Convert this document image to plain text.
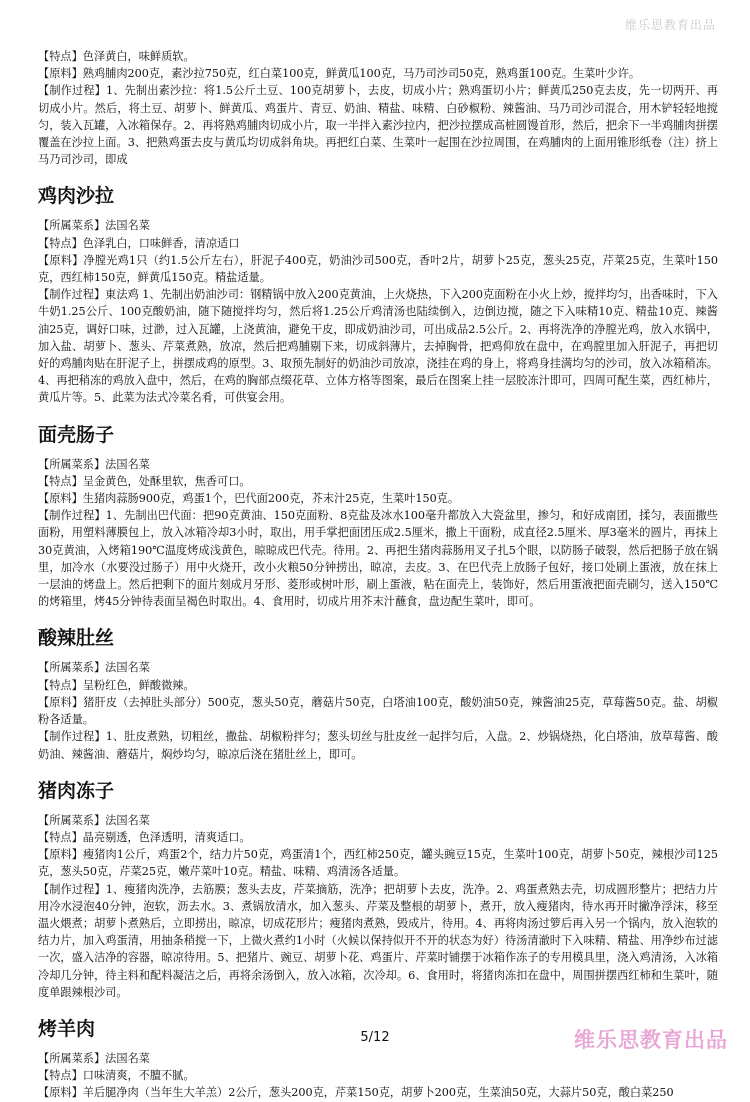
维乐思教育出品

【特点】色泽黄白，味鲜质软。

【原料】熟鸡脯肉200克，素沙拉750克，红白菜100克，鲜黄瓜100克，马乃司沙司50克，熟鸡蛋100克。生菜叶少许。

【制作过程】1、先制出素沙拉：将1.5公斤土豆、100克胡萝卜，去皮，切成小片；熟鸡蛋切小片；鲜黄瓜250克去皮，先一切两开、再切成小片。然后，将土豆、胡萝卜、鲜黄瓜、鸡蛋片、青豆、奶油、精盐、味精、白砂椒粉、辣酱油、马乃司沙司混合，用木铲轻轻地搅匀，装入瓦罐，入冰箱保存。2、再将熟鸡脯肉切成小片，取一半拌入素沙拉内，把沙拉摆成高桩圆馒首形，然后，把余下一半鸡脯肉拼摆覆盖在沙拉上面。3、把熟鸡蛋去皮与黄瓜均切成斜角块。再把红白菜、生菜叶一起围在沙拉周围，在鸡脯肉的上面用锥形纸卷（注）挤上马乃司沙司，即成

鸡肉沙拉

【所属菜系】法国名菜

【特点】色泽乳白，口味鲜香，清凉适口

【原料】净膛光鸡1只（约1.5公斤左右），肝泥子400克，奶油沙司500克，香叶2片，胡萝卜25克，葱头25克，芹菜25克，生菜叶150克，西红柿150克，鲜黄瓜150克。精盐适量。

【制作过程】東法鸡 1、先制出奶油沙司：钢精锅中放入200克黄油，上火烧热，下入200克面粉在小火上炒，搅拌均匀，出香味时，下入牛奶1.25公斤、100克酸奶油，随下随搅拌均匀，然后将1.25公斤鸡清汤也陆续倒入，边倒边搅，随之下入味精10克、精盐10克、辣酱油25克，调好口味，过渺，过入瓦罐，上浇黄油，避免干皮，即成奶油沙司，可出成品2.5公斤。2、再将洗净的净膛光鸡，放入水锅中，加入盐、胡萝卜、葱头、芹菜煮熟，放凉，然后把鸡脯剔下来，切成斜薄片，去掉胸骨，把鸡仰放在盘中，在鸡膛里加入肝泥子，再把切好的鸡脯肉贴在肝泥子上，拼摆成鸡的原型。3、取预先制好的奶油沙司放凉，浇挂在鸡的身上，将鸡身挂满均匀的沙司，放入冰箱稍冻。4、再把稍冻的鸡放入盘中，然后，在鸡的胸部点缀花草、立体方格等图案，最后在图案上挂一层胶冻汁即可，四周可配生菜，西红柿片，黄瓜片等。5、此菜为法式冷菜名肴，可供宴会用。

面壳肠子

【所属菜系】法国名菜

【特点】呈金黄色，处酥里软，焦香可口。

【原料】生猪肉蒜肠900克，鸡蛋1个，巴代面200克，芥末汁25克，生菜叶150克。

【制作过程】1、先制出巴代面：把90克黄油、150克面粉、8克盐及冰水100毫升都放入大瓷盆里，掺匀，和好成南团，揉匀，表面撒些面粉，用塑料薄膜包上，放入冰箱冷却3小时，取出，用手掌把面团压成2.5厘米，撒上干面粉，成直径2.5厘米、厚3毫米的圆片，再抹上30克黄油，入烤箱190℃温度烤成浅黄色，晾晾成巴代壳。待用。2、再把生猪肉蒜肠用叉子扎5个眼，以防肠子破裂，然后把肠子放在锅里，加冷水（水要没过肠子）用中火烧开，改小火粮50分钟捞出，晾凉，去皮。3、在巴代壳上放肠子包好，接口处刷上蛋液，放在抹上一层油的烤盘上。然后把剩下的面片刻成月牙形、菱形或树叶形，刷上蛋液，粘在面壳上，装饰好，然后用蛋液把面壳刷匀，送入150℃的烤箱里，烤45分钟待表面呈褐色时取出。4、食用时，切成片用芥末汁蘸食，盘边配生菜叶，即可。

酸辣肚丝

【所属菜系】法国名菜

【特点】呈粉红色，鲜酸微辣。

【原料】猪肝皮（去掉肚头部分）500克，葱头50克，蘑菇片50克，白塔油100克，酸奶油50克，辣酱油25克，草莓酱50克。盐、胡椒粉各适量。

【制作过程】1、肚皮煮熟，切粗丝，撒盐、胡椒粉拌匀；葱头切丝与肚皮丝一起拌匀后，入盘。2、炒锅烧热，化白塔油，放草莓酱、酸奶油、辣酱油、蘑菇片，焖炒均匀，晾凉后浇在猪肚丝上，即可。

猪肉冻子

【所属菜系】法国名菜

【特点】晶亮剔透，色泽透明，清爽适口。

【原料】瘦猪肉1公斤，鸡蛋2个，结力片50克，鸡蛋清1个，西红柿250克，罐头豌豆15克，生菜叶100克，胡萝卜50克，辣根沙司125克，葱头50克，芹菜25克，嫩芹菜叶10克。精盐、味精、鸡清汤各适量。

【制作过程】1、瘦猪肉洗净，去筋膜；葱头去皮，芹菜摘筋，洗净；把胡萝卜去皮，洗净。2、鸡蛋煮熟去壳，切成圆形整片；把结力片用冷水浸泡40分钟，泡软，沥去水。3、煮锅放清水，加入葱头、芹菜及整根的胡萝卜，煮开，放入瘦猪肉，待水再开时撇净浮沫，移至温火煨煮；胡萝卜煮熟后，立即捞出，晾凉，切成花形片；瘦猪肉煮熟，毁成片，待用。4、再将肉汤过箩后再入另一个锅内，放入泡软的结力片，加入鸡蛋清，用抽条稍搅一下，上微火煮约1小时（火候以保持似开不开的状态为好）待汤清澈时下入味精、精盐、用净纱布过滤一次，盛入洁净的容器，晾凉待用。5、把猪片、豌豆、胡萝卜花、鸡蛋片、芹菜时铺摆于冰箱作冻子的专用模具里，浇入鸡清汤，入冰箱冷却几分钟，待主料和配料凝洁之后，再将余汤倒入，放入冰箱，次冷却。6、食用时，将猪肉冻扣在盘中，周围拼摆西红柿和生菜叶，随度单跟辣根沙司。

烤羊肉

【所属菜系】法国名菜

【特点】口味清爽，不膻不腻。

【原料】羊后腿净肉（当年生大羊羔）2公斤，葱头200克，芹菜150克，胡萝卜200克，生菜油50克，大蒜片50克，酸白菜250

5/12	维乐思教育出品
